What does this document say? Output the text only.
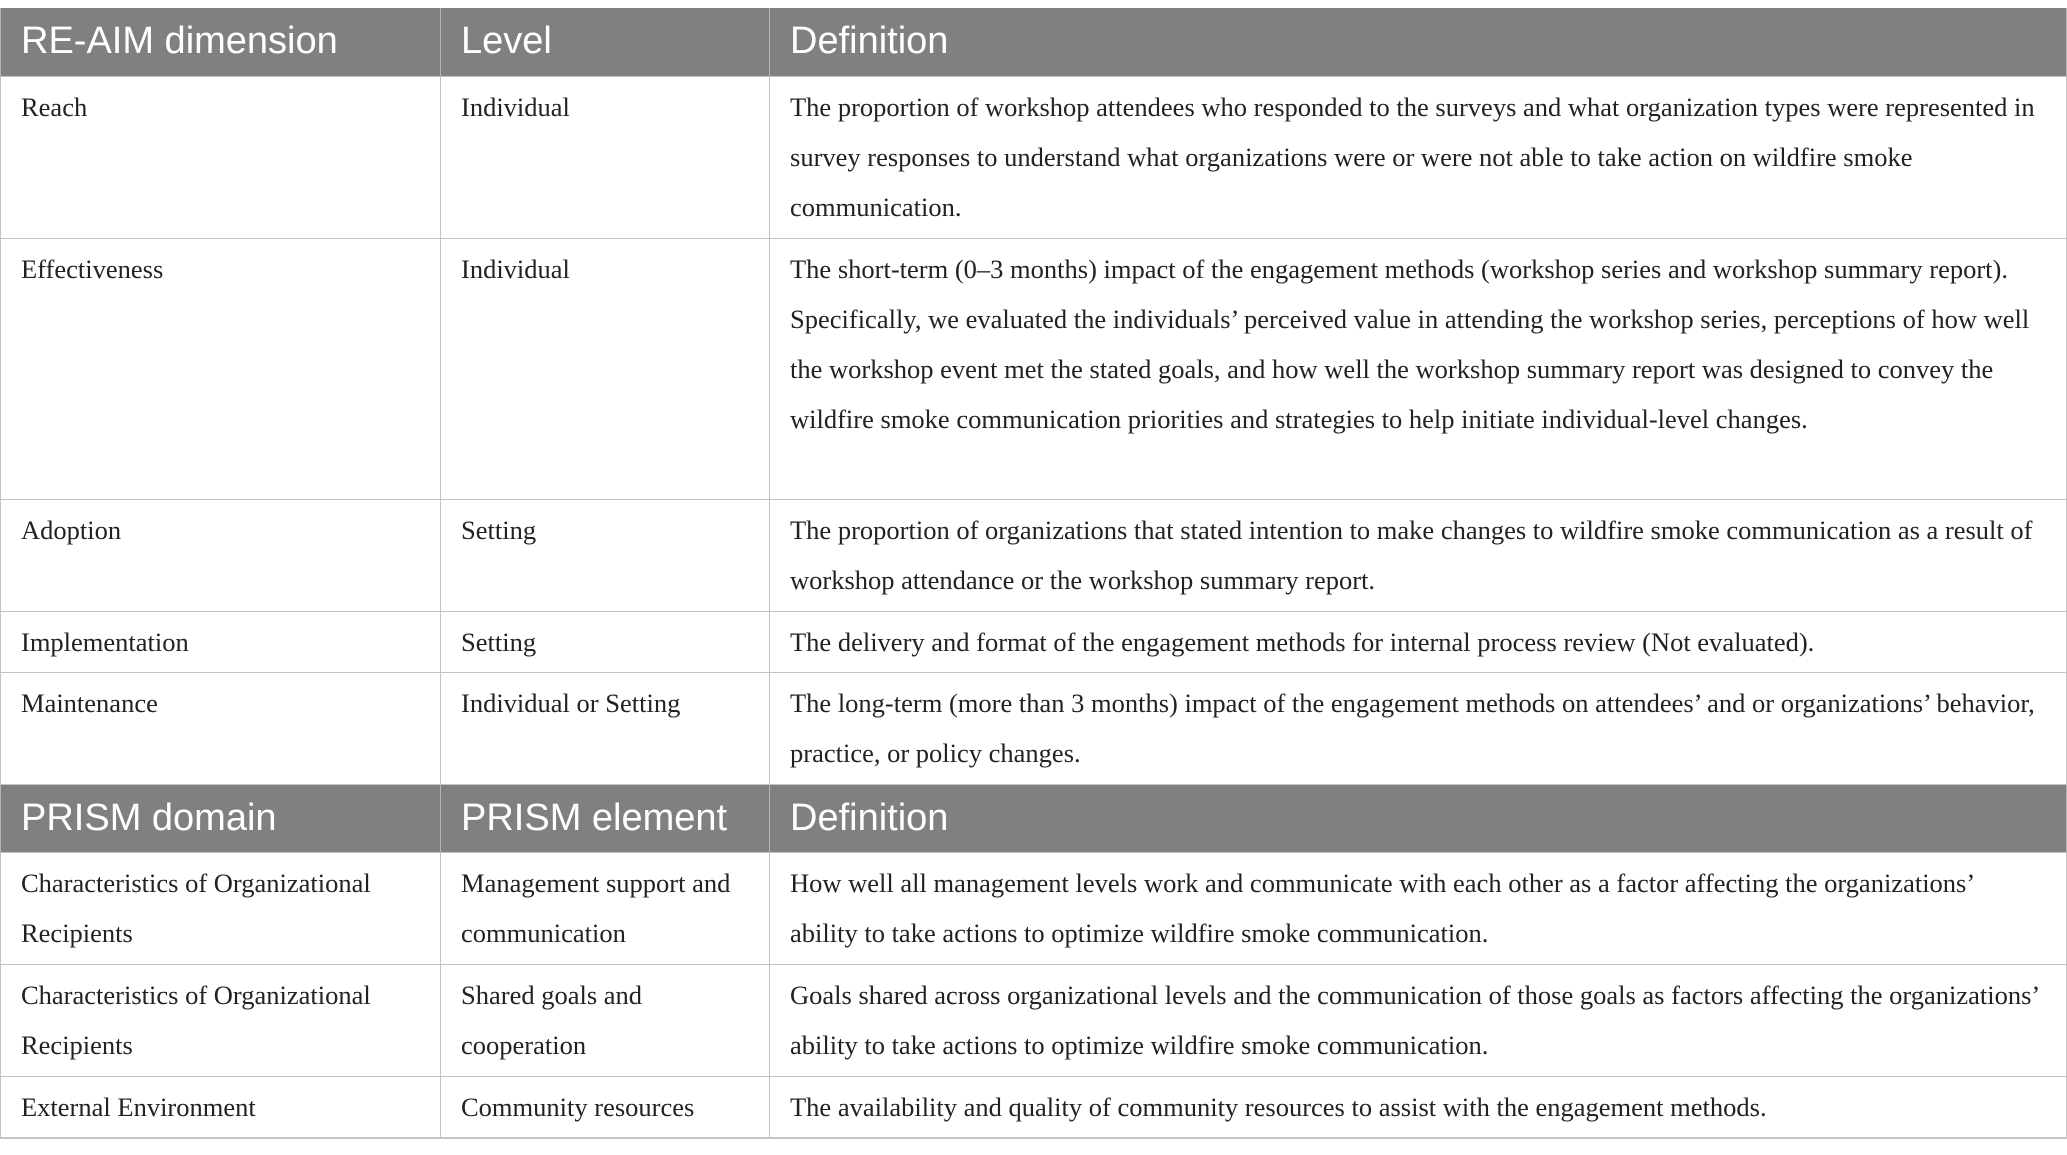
RE-AIM dimension	Level	Definition
Reach	Individual	The proportion of workshop attendees who responded to the surveys and what organization types were represented in survey responses to understand what organizations were or were not able to take action on wildfire smoke communication.
Effectiveness	Individual	The short-term (0–3 months) impact of the engagement methods (workshop series and workshop summary report). Specifically, we evaluated the individuals’ perceived value in attending the workshop series, perceptions of how well the workshop event met the stated goals, and how well the workshop summary report was designed to convey the wildfire smoke communication priorities and strategies to help initiate individual-level changes.
Adoption	Setting	The proportion of organizations that stated intention to make changes to wildfire smoke communication as a result of workshop attendance or the workshop summary report.
Implementation	Setting	The delivery and format of the engagement methods for internal process review (Not evaluated).
Maintenance	Individual or Setting	The long-term (more than 3 months) impact of the engagement methods on attendees’ and or organizations’ behavior, practice, or policy changes.
PRISM domain	PRISM element	Definition
Characteristics of Organizational Recipients	Management support and communication	How well all management levels work and communicate with each other as a factor affecting the organizations’ ability to take actions to optimize wildfire smoke communication.
Characteristics of Organizational Recipients	Shared goals and cooperation	Goals shared across organizational levels and the communication of those goals as factors affecting the organizations’ ability to take actions to optimize wildfire smoke communication.
External Environment	Community resources	The availability and quality of community resources to assist with the engagement methods.
